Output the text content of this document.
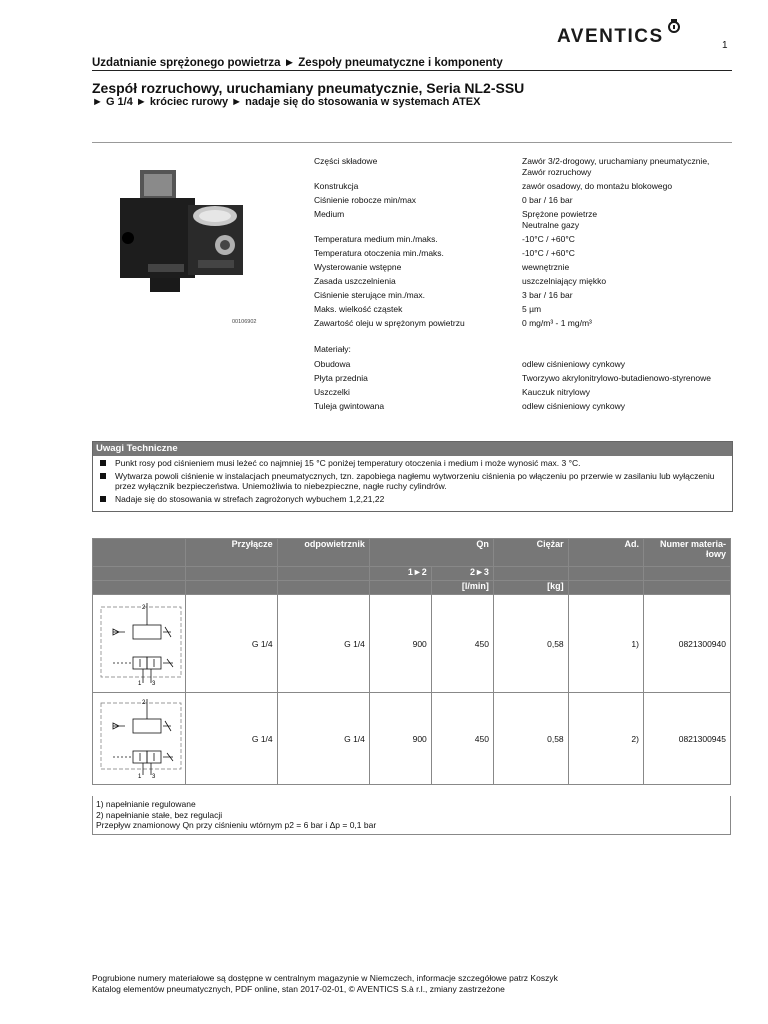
Uzdatnianie sprężonego powietrza ► Zespoły pneumatyczne i komponenty
AVENTICS	1
Zespół rozruchowy, uruchamiany pneumatycznie, Seria NL2-SSU
► G 1/4 ► króciec rurowy ► nadaje się do stosowania w systemach ATEX
00106902
Części składowe	Zawór 3/2-drogowy, uruchamiany pneumatycznie,
Zawór rozruchowy
Konstrukcja	zawór osadowy, do montażu blokowego
Ciśnienie robocze min/max	0 bar / 16 bar
Medium	Sprężone powietrze
Neutralne gazy
Temperatura medium min./maks.	-10°C / +60°C
Temperatura otoczenia min./maks.	-10°C / +60°C
Wysterowanie wstępne	wewnętrznie
Zasada uszczelnienia	uszczelniający miękko
Ciśnienie sterujące min./max.	3 bar / 16 bar
Maks. wielkość cząstek	5 µm
Zawartość oleju w sprężonym powietrzu	0 mg/m³ - 1 mg/m³
Materiały:
Obudowa	odlew ciśnieniowy cynkowy
Płyta przednia	Tworzywo akrylonitrylowo-butadienowo-styrenowe
Uszczelki	Kauczuk nitrylowy
Tuleja gwintowana	odlew ciśnieniowy cynkowy
Uwagi Techniczne
Punkt rosy pod ciśnieniem musi leżeć co najmniej 15 °C poniżej temperatury otoczenia i medium i może wynosić max. 3 °C.
Wytwarza powoli ciśnienie w instalacjach pneumatycznych, tzn. zapobiega nagłemu wytworzeniu ciśnienia po włączeniu po przerwie w zasilaniu lub wyłączeniu przez wyłącznik bezpieczeństwa. Uniemożliwia to niebezpieczne, nagłe ruchy cylindrów.
Nadaje się do stosowania w strefach zagrożonych wybuchem 1,2,21,22
	Przyłącze	odpowietrznik	Qn		Ciężar	Ad.	Numer materia-
łowy
			1►2	2►3			
				[l/min]	[kg]		

2
1 3	G 1/4	G 1/4	900	450	0,58	1)	0821300940

2
1 3	G 1/4	G 1/4	900	450	0,58	2)	0821300945
1) napełnianie regulowane
2) napełnianie stałe, bez regulacji
Przepływ znamionowy Qn przy ciśnieniu wtórnym p2 = 6 bar i Δp = 0,1 bar
Pogrubione numery materiałowe są dostępne w centralnym magazynie w Niemczech, informacje szczegółowe patrz Koszyk
Katalog elementów pneumatycznych, PDF online, stan 2017-02-01, © AVENTICS S.à r.l., zmiany zastrzeżone
